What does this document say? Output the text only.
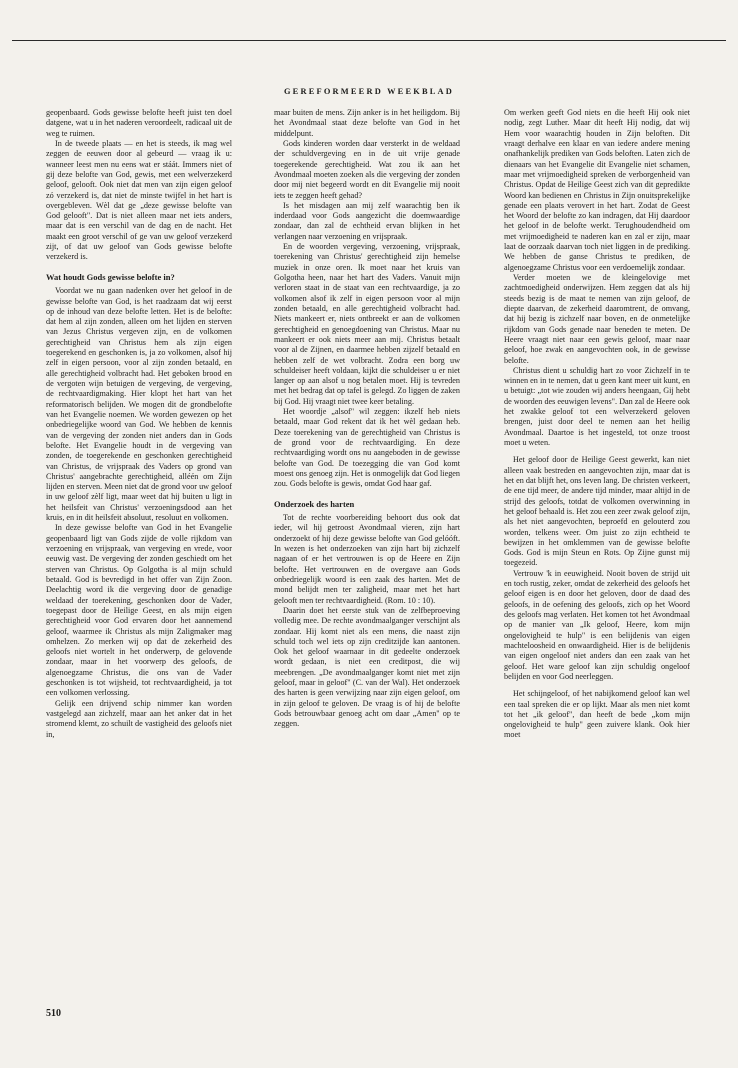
GEREFORMEERD WEEKBLAD

geopenbaard. Gods gewisse belofte heeft juist ten doel datgene, wat u in het naderen veroordeelt, radicaal uit de weg te ruimen.

In de tweede plaats — en het is steeds, ik mag wel zeggen de eeuwen door al gebeurd — vraag ik u: wanneer leest men nu eens wat er stáát. Immers niet of gij deze belofte van God, gewis, met een welverzekerd geloof, gelooft. Ook niet dat men van zijn eigen geloof zó verzekerd is, dat niet de minste twijfel in het hart is overgebleven. Wèl dat ge „deze gewisse belofte van God gelooft". Dat is niet alleen maar net iets anders, maar dat is een verschil van de dag en de nacht. Het maakt een groot verschil of ge van uw geloof verzekerd zijt, of dat uw geloof van Gods gewisse belofte verzekerd is.

Wat houdt Gods gewisse belofte in?

Voordat we nu gaan nadenken over het geloof in de gewisse belofte van God, is het raadzaam dat wij eerst op de inhoud van deze belofte letten. Het is de belofte: dat hem al zijn zonden, alleen om het lijden en sterven van Jezus Christus vergeven zijn, en de volkomen gerechtigheid van Christus hem als zijn eigen toegerekend en geschonken is, ja zo volkomen, alsof hij zelf in eigen persoon, voor al zijn zonden betaald, en alle gerechtigheid volbracht had. Het geboken brood en de vergoten wijn betuigen de vergeving, de vergeving, de rechtvaardigmaking. Hier klopt het hart van het reformatorisch belijden. We mogen dit de grondbelofte van het Evangelie noemen. We worden gewezen op het onbedriegelijke woord van God. We hebben de kennis van de vergeving der zonden niet anders dan in Gods belofte. Het Evangelie houdt in de vergeving van zonden, de toegerekende en geschonken gerechtigheid van Christus, de vrijspraak des Vaders op grond van Christus' aangebrachte gerechtigheid, alléén om Zijn lijden en sterven. Meen niet dat de grond voor uw geloof in uw geloof zèlf ligt, maar weet dat hij buiten u ligt in het heilsfeit van Christus' verzoeningsdood aan het kruis, en in dit heilsfeit absoluut, resoluut en volkomen.

In deze gewisse belofte van God in het Evangelie geopenbaard ligt van Gods zijde de volle rijkdom van verzoening en vrijspraak, van vergeving en vrede, voor eeuwig vast. De vergeving der zonden geschiedt om het sterven van Christus. Op Golgotha is al mijn schuld betaald. God is bevredigd in het offer van Zijn Zoon. Deelachtig word ik die vergeving door de genadige weldaad der toerekening, geschonken door de Vader, toegepast door de Heilige Geest, en als mijn eigen gerechtigheid voor God ervaren door het aannemend geloof, waarmee ik Christus als mijn Zaligmaker mag omhelzen. Zo merken wij op dat de zekerheid des geloofs niet wortelt in het onderwerp, de gelovende zondaar, maar in het voorwerp des geloofs, de algenoegzame Christus, die ons van de Vader geschonken is tot wijsheid, tot rechtvaardigheid, ja tot een volkomen verlossing.

Gelijk een drijvend schip nimmer kan worden vastgelegd aan zichzelf, maar aan het anker dat in het stromend klemt, zo schuilt de vastigheid des geloofs niet in,

maar buiten de mens. Zijn anker is in het heiligdom. Bij het Avondmaal staat deze belofte van God in het middelpunt.

Gods kinderen worden daar versterkt in de weldaad der schuldvergeving en in de uit vrije genade toegerekende gerechtigheid. Wat zou ik aan het Avondmaal moeten zoeken als die vergeving der zonden door mij niet begeerd wordt en dit Evangelie mij nooit iets te zeggen heeft gehad?

Is het misdagen aan mij zelf waarachtig ben ik inderdaad voor Gods aangezicht die doemwaardige zondaar, dan zal de echtheid ervan blijken in het verlangen naar verzoening en vrijspraak.

En de woorden vergeving, verzoening, vrijspraak, toerekening van Christus' gerechtigheid zijn hemelse muziek in onze oren. Ik moet naar het kruis van Golgotha heen, naar het hart des Vaders. Vanuit mijn verloren staat in de staat van een rechtvaardige, ja zo volkomen alsof ik zelf in eigen persoon voor al mijn zonden betaald, en alle gerechtigheid volbracht had. Niets mankeert er, niets ontbreekt er aan de volkomen gerechtigheid en genoegdoening van Christus. Maar nu mankeert er ook niets meer aan mij. Christus betaalt voor al de Zijnen, en daarmee hebben zijzelf betaald en hebben zelf de wet volbracht. Zodra een borg uw schuldeiser heeft voldaan, kijkt die schuldeiser u er niet langer op aan alsof u nog betalen moet. Hij is tevreden met het bedrag dat op tafel is gelegd. Zo liggen de zaken bij God. Hij vraagt niet twee keer betaling.

Het woordje „alsof" wil zeggen: ikzelf heb niets betaald, maar God rekent dat ik het wèl gedaan heb. Deze toerekening van de gerechtigheid van Christus is de grond voor de rechtvaardiging. En deze rechtvaardiging wordt ons nu aangeboden in de gewisse belofte van God. De toezegging die van God komt moest ons genoeg zijn. Het is onmogelijk dat God liegen zou. Gods belofte is gewis, omdat God haar gaf.

Onderzoek des harten

Tot de rechte voorbereiding behoort dus ook dat ieder, wil hij getroost Avondmaal vieren, zijn hart onderzoekt of hij deze gewisse belofte van God gelóóft. In wezen is het onderzoeken van zijn hart bij zichzelf nagaan of er het vertrouwen is op de Heere en Zijn belofte. Het vertrouwen en de overgave aan Gods onbedriegelijk woord is een zaak des harten. Met de mond belijdt men ter zaligheid, maar met het hart gelooft men ter rechtvaardigheid. (Rom. 10 : 10).

Daarin doet het eerste stuk van de zelfbeproeving volledig mee. De rechte avondmaalganger verschijnt als zondaar. Hij komt niet als een mens, die naast zijn schuld toch wel iets op zijn creditzijde kan aantonen. Ook het geloof waarnaar in dit gedeelte onderzoek wordt gedaan, is niet een creditpost, die wij meebrengen. „De avondmaalganger komt niet met zijn geloof, maar in geloof" (C. van der Wal). Het onderzoek des harten is geen verwijzing naar zijn eigen geloof, om in zijn geloof te geloven. De vraag is of hij de belofte Gods betrouwbaar genoeg acht om daar „Amen" op te zeggen.

Om werken geeft God niets en die heeft Hij ook niet nodig, zegt Luther. Maar dit heeft Hij nodig, dat wij Hem voor waarachtig houden in Zijn beloften. Dit vraagt derhalve een klaar en van iedere andere mening onafhankelijk prediken van Gods beloften. Laten zich de dienaars van het Evangelie dit Evangelie niet schamen, maar met vrijmoedigheid spreken de verborgenheid van Christus. Opdat de Heilige Geest zich van dit gepredikte Woord kan bedienen en Christus in Zijn onuitsprekelijke genade een plaats verovert in het hart. Zodat de Geest het Woord der belofte zo kan indragen, dat Hij daardoor het geloof in de belofte werkt. Terughoudendheid om met vrijmoedigheid te naderen kan en zal er zijn, maar laat de oorzaak daarvan toch niet liggen in de prediking. We hebben de ganse Christus te prediken, de algenoegzame Christus voor een verdoemelijk zondaar.

Verder moeten we de kleingelovige met zachtmoedigheid onderwijzen. Hem zeggen dat als hij steeds bezig is de maat te nemen van zijn geloof, de diepte daarvan, de zekerheid daaromtrent, de omvang, dat hij bezig is zichzelf naar boven, en de onmetelijke rijkdom van Gods genade naar beneden te meten. De Heere vraagt niet naar een gewis geloof, maar naar geloof, hoe zwak en aangevochten ook, in de gewisse belofte.

Christus dient u schuldig hart zo voor Zichzelf in te winnen en in te nemen, dat u geen kant meer uit kunt, en u betuigt: „tot wie zouden wij anders heengaan, Gij hebt de woorden des eeuwigen levens". Dan zal de Heere ook het zwakke geloof tot een welverzekerd geloven brengen, juist door deel te nemen aan het heilig Avondmaal. Daartoe is het ingesteld, tot onze troost moet u weten.

Het geloof door de Heilige Geest gewerkt, kan niet alleen vaak bestreden en aangevochten zijn, maar dat is het en dat blijft het, ons leven lang. De christen verkeert, de ene tijd meer, de andere tijd minder, maar altijd in de strijd des geloofs, totdat de volkomen overwinning in het geloof behaald is. Het zou een zeer zwak geloof zijn, als het niet aangevochten, beproefd en gelouterd zou worden, telkens weer. Om juist zo zijn echtheid te bewijzen in het omklemmen van de gewisse belofte Gods. God is mijn Steun en Rots. Op Zijne gunst mij toegezeid.

Vertrouw 'k in eeuwigheid. Nooit boven de strijd uit en toch rustig, zeker, omdat de zekerheid des geloofs het geloof eigen is en door het geloven, door de daad des geloofs, in de oefening des geloofs, zich op het Woord des geloofs mag verlaten. Het komen tot het Avondmaal op de manier van „Ik geloof, Heere, kom mijn ongelovigheid te hulp" is een belijdenis van eigen machteloosheid en onwaardigheid. Hier is de belijdenis van eigen ongeloof niet anders dan een zaak van het geloof. Het ware geloof kan zijn schuldig ongeloof belijden en voor God neerleggen.

Het schijngeloof, of het nabijkomend geloof kan wel een taal spreken die er op lijkt. Maar als men niet komt tot het „ik geloof", dan heeft de bede „kom mijn ongelovigheid te hulp" geen zuivere klank. Ook hier moet

510
